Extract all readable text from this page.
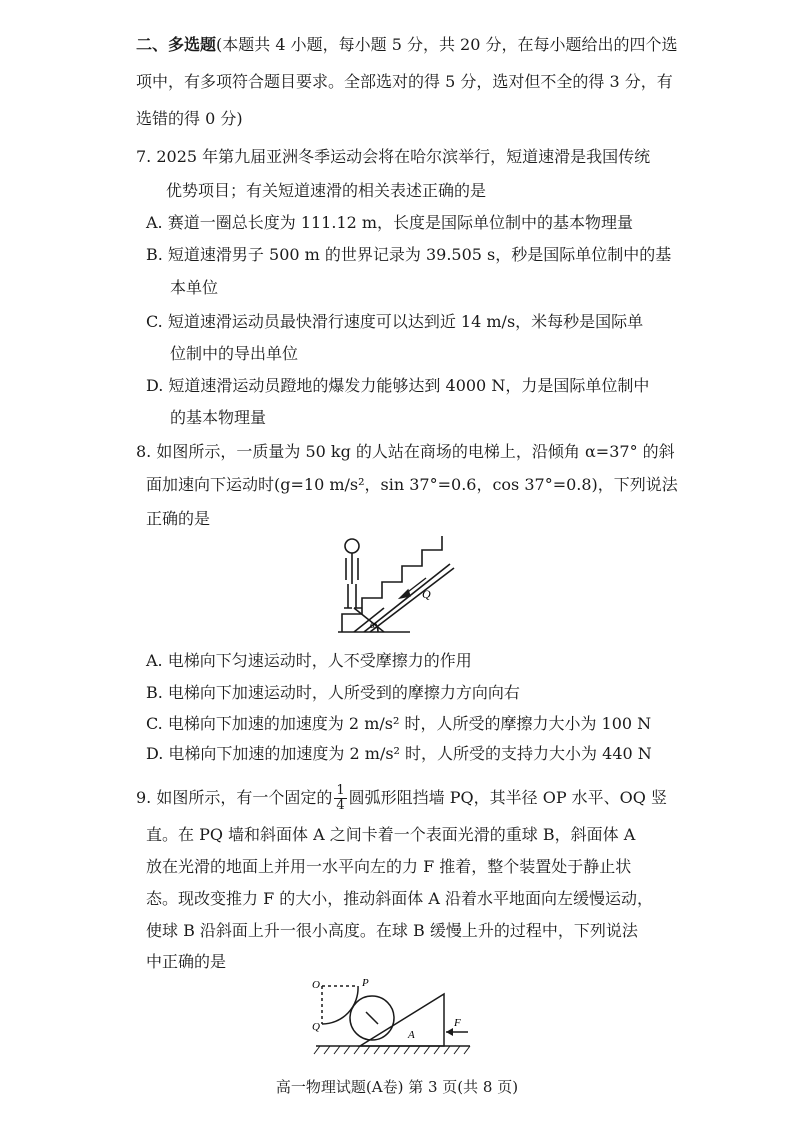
二、多选题(本题共 4 小题，每小题 5 分，共 20 分，在每小题给出的四个选
项中，有多项符合题目要求。全部选对的得 5 分，选对但不全的得 3 分，有
选错的得 0 分)
7. 2025 年第九届亚洲冬季运动会将在哈尔滨举行，短道速滑是我国传统
优势项目；有关短道速滑的相关表述正确的是
A. 赛道一圈总长度为 111.12 m，长度是国际单位制中的基本物理量
B. 短道速滑男子 500 m 的世界记录为 39.505 s，秒是国际单位制中的基
本单位
C. 短道速滑运动员最快滑行速度可以达到近 14 m/s，米每秒是国际单
位制中的导出单位
D. 短道速滑运动员蹬地的爆发力能够达到 4000 N，力是国际单位制中
的基本物理量
8. 如图所示，一质量为 50 kg 的人站在商场的电梯上，沿倾角 α=37° 的斜
面加速向下运动时(g=10 m/s²，sin 37°=0.6，cos 37°=0.8)，下列说法
正确的是
Q
α
A. 电梯向下匀速运动时，人不受摩擦力的作用
B. 电梯向下加速运动时，人所受到的摩擦力方向向右
C. 电梯向下加速的加速度为 2 m/s² 时，人所受的摩擦力大小为 100 N
D. 电梯向下加速的加速度为 2 m/s² 时，人所受的支持力大小为 440 N
9. 如图所示，有一个固定的 $\frac{1}{4}$ 圆弧形阻挡墙 PQ，其半径 OP 水平、OQ 竖
直。在 PQ 墙和斜面体 A 之间卡着一个表面光滑的重球 B，斜面体 A
放在光滑的地面上并用一水平向左的力 F 推着，整个装置处于静止状
态。现改变推力 F 的大小，推动斜面体 A 沿着水平地面向左缓慢运动，
使球 B 沿斜面上升一很小高度。在球 B 缓慢上升的过程中，下列说法
中正确的是
O	P
Q
A
F
高一物理试题(A卷) 第 3 页(共 8 页)
